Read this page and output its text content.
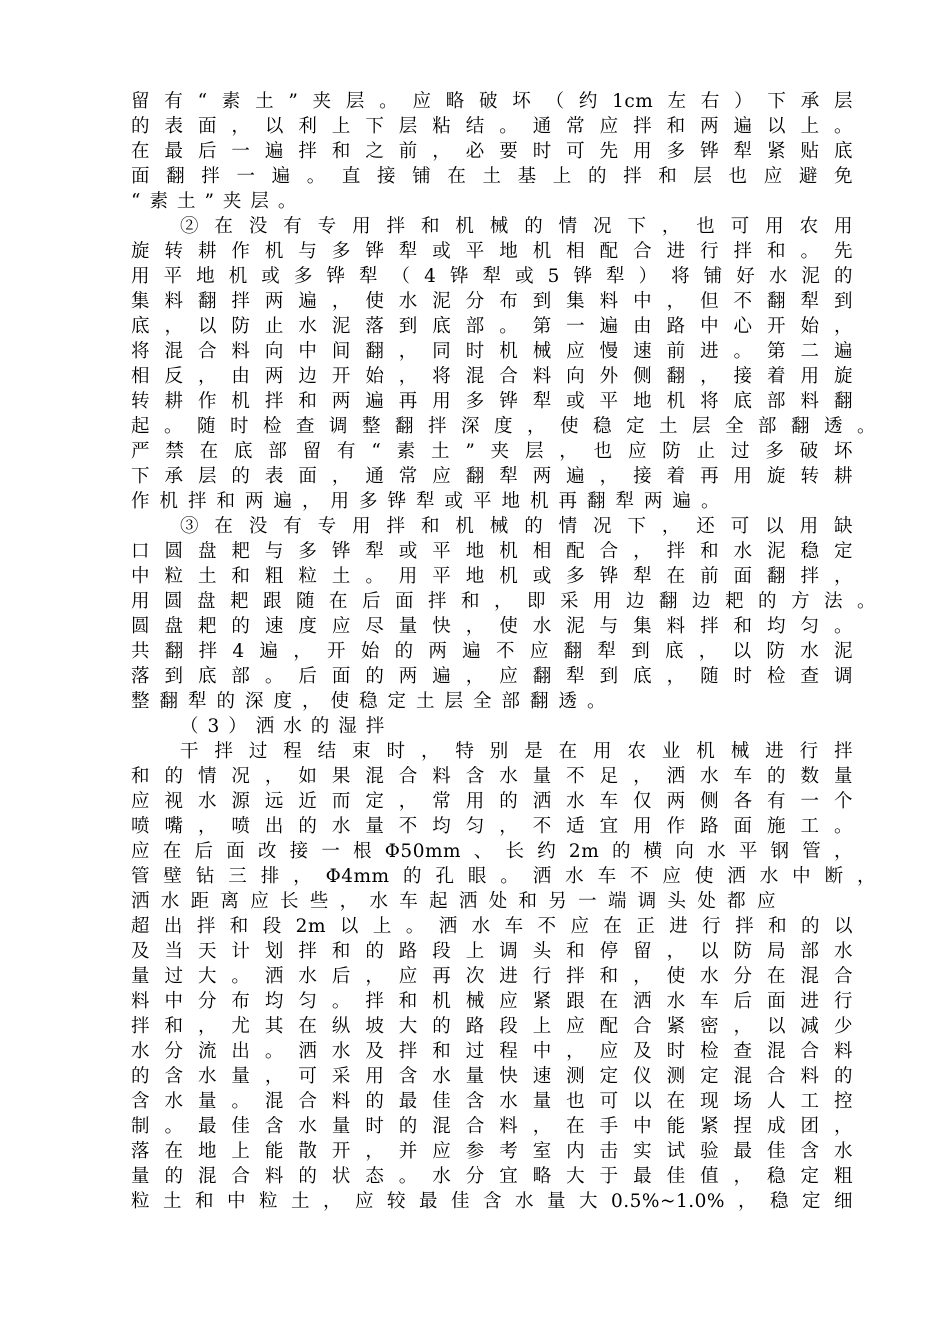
留有“素土”夹层。应略破坏（约1cm左右）下承层
的表面，以利上下层粘结。通常应拌和两遍以上。
在最后一遍拌和之前，必要时可先用多铧犁紧贴底
面翻拌一遍。直接铺在土基上的拌和层也应避免
“素土”夹层。
②在没有专用拌和机械的情况下，也可用农用
旋转耕作机与多铧犁或平地机相配合进行拌和。先
用平地机或多铧犁（4铧犁或5铧犁）将铺好水泥的
集料翻拌两遍，使水泥分布到集料中，但不翻犁到
底，以防止水泥落到底部。第一遍由路中心开始，
将混合料向中间翻，同时机械应慢速前进。第二遍
相反，由两边开始，将混合料向外侧翻，接着用旋
转耕作机拌和两遍再用多铧犁或平地机将底部料翻
起。随时检查调整翻拌深度，使稳定土层全部翻透。
严禁在底部留有“素土”夹层，也应防止过多破坏
下承层的表面，通常应翻犁两遍，接着再用旋转耕
作机拌和两遍，用多铧犁或平地机再翻犁两遍。
③在没有专用拌和机械的情况下，还可以用缺
口圆盘耙与多铧犁或平地机相配合，拌和水泥稳定
中粒土和粗粒土。用平地机或多铧犁在前面翻拌，
用圆盘耙跟随在后面拌和，即采用边翻边耙的方法。
圆盘耙的速度应尽量快，使水泥与集料拌和均匀。
共翻拌4遍，开始的两遍不应翻犁到底，以防水泥
落到底部。后面的两遍，应翻犁到底，随时检查调
整翻犁的深度，使稳定土层全部翻透。
（3）洒水的湿拌
干拌过程结束时，特别是在用农业机械进行拌
和的情况，如果混合料含水量不足，洒水车的数量
应视水源远近而定，常用的洒水车仅两侧各有一个
喷嘴，喷出的水量不均匀，不适宜用作路面施工。
应在后面改接一根Φ50mm、长约2m的横向水平钢管，
管壁钻三排，Φ4mm的孔眼。洒水车不应使洒水中断，
洒水距离应长些，水车起洒处和另一端调头处都应
超出拌和段2m以上。洒水车不应在正进行拌和的以
及当天计划拌和的路段上调头和停留，以防局部水
量过大。洒水后，应再次进行拌和，使水分在混合
料中分布均匀。拌和机械应紧跟在洒水车后面进行
拌和，尤其在纵坡大的路段上应配合紧密，以减少
水分流出。洒水及拌和过程中，应及时检查混合料
的含水量，可采用含水量快速测定仪测定混合料的
含水量。混合料的最佳含水量也可以在现场人工控
制。最佳含水量时的混合料，在手中能紧捏成团，
落在地上能散开，并应参考室内击实试验最佳含水
量的混合料的状态。水分宜略大于最佳值，稳定粗
粒土和中粒土，应较最佳含水量大0.5%~1.0%，稳定细
